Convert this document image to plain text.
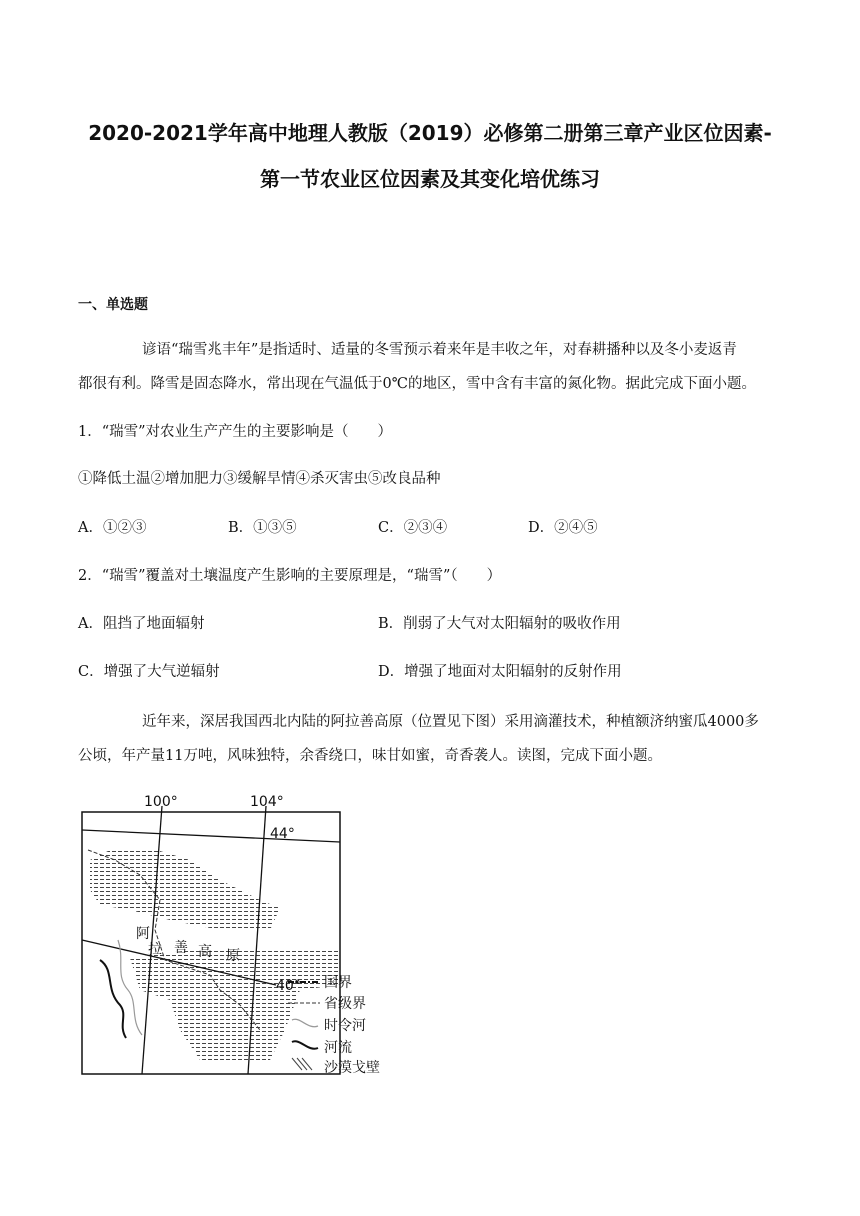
2020-2021学年高中地理人教版（2019）必修第二册第三章产业区位因素-
第一节农业区位因素及其变化培优练习
一、单选题
谚语“瑞雪兆丰年”是指适时、适量的冬雪预示着来年是丰收之年，对春耕播种以及冬小麦返青
都很有利。降雪是固态降水，常出现在气温低于0℃的地区，雪中含有丰富的氮化物。据此完成下面小题。
1．“瑞雪”对农业生产产生的主要影响是（　　）
①降低土温②增加肥力③缓解旱情④杀灭害虫⑤改良品种
A．①②③	B．①③⑤	C．②③④	D．②④⑤
2．“瑞雪”覆盖对土壤温度产生影响的主要原理是，“瑞雪”（　　）
A．阻挡了地面辐射	B．削弱了大气对太阳辐射的吸收作用
C．增强了大气逆辐射	D．增强了地面对太阳辐射的反射作用
近年来，深居我国西北内陆的阿拉善高原（位置见下图）采用滴灌技术，种植额济纳蜜瓜4000多
公顷，年产量11万吨，风味独特，余香绕口，味甘如蜜，奇香袭人。读图，完成下面小题。
100°	104°
44°
40°
阿
拉 善 高 原
国界
省级界
时令河
河流
沙漠戈壁
